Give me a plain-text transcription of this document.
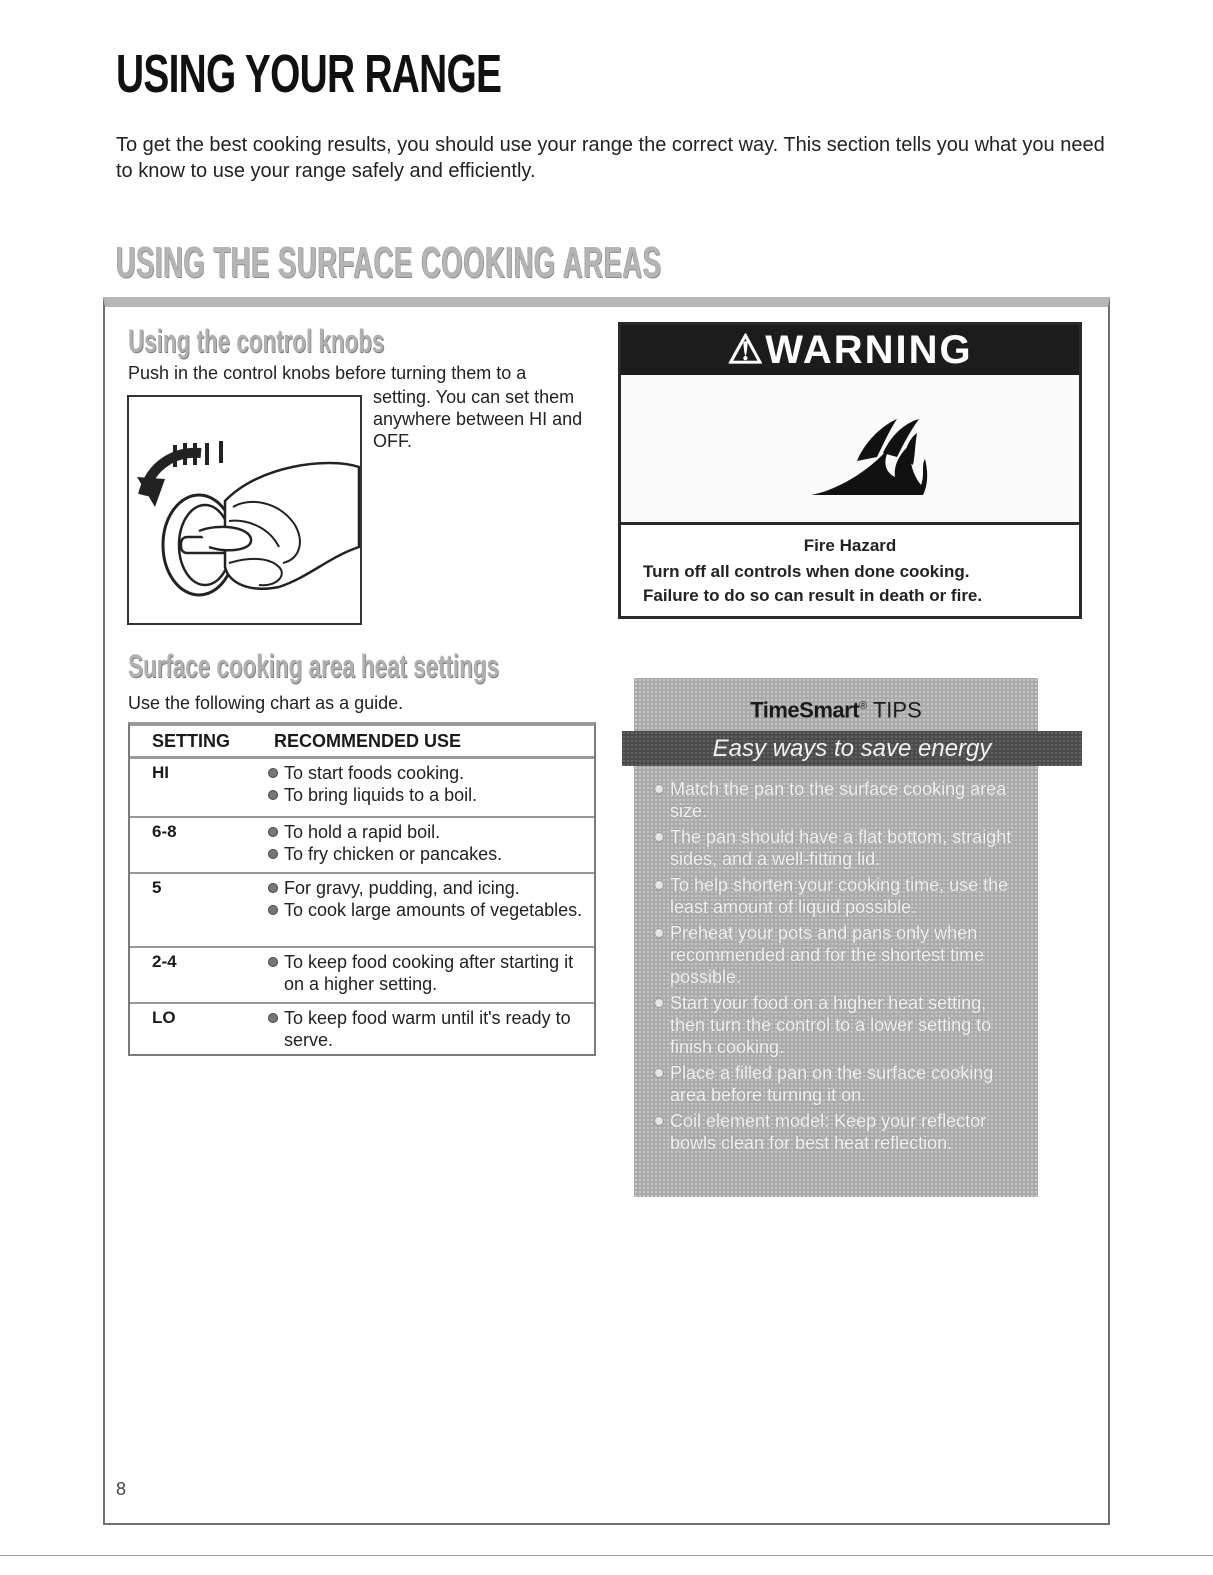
USING YOUR RANGE
To get the best cooking results, you should use your range the correct way. This section tells you what you need to know to use your range safely and efficiently.
USING THE SURFACE COOKING AREAS
Using the control knobs
Push in the control knobs before turning them to a
setting. You can set them anywhere between HI and OFF.
⚠WARNING
Fire Hazard
Turn off all controls when done cooking.
Failure to do so can result in death or fire.
Surface cooking area heat settings
Use the following chart as a guide.
SETTING RECOMMENDED USE
HI	To start foods cooking.
To bring liquids to a boil.
6-8	To hold a rapid boil.
To fry chicken or pancakes.
5	For gravy, pudding, and icing.
To cook large amounts of vegetables.
2-4	To keep food cooking after starting it on a higher setting.
LO	To keep food warm until it's ready to serve.
TimeSmart® TIPS
Match the pan to the surface cooking area size.
The pan should have a flat bottom, straight sides, and a well-fitting lid.
To help shorten your cooking time, use the least amount of liquid possible.
Preheat your pots and pans only when recommended and for the shortest time possible.
Start your food on a higher heat setting, then turn the control to a lower setting to finish cooking.
Place a filled pan on the surface cooking area before turning it on.
Coil element model: Keep your reflector bowls clean for best heat reflection.
Easy ways to save energy
8
